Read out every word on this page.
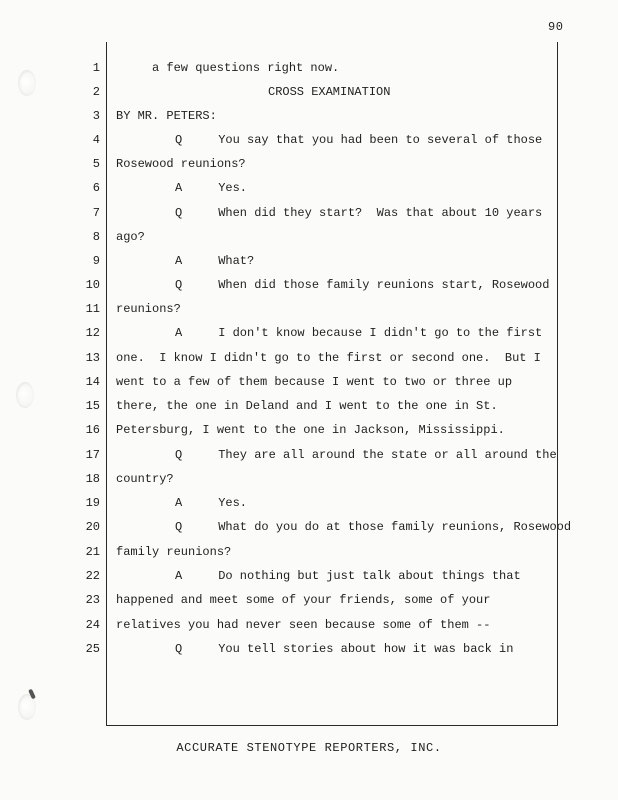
90
1
2
3
4
5
6
7
8
9
10
11
12
13
14
15
16
17
18
19
20
21
22
23
24
25
a few questions right now.
CROSS EXAMINATION
BY MR. PETERS:
Q     You say that you had been to several of those
Rosewood reunions?
A     Yes.
Q     When did they start?  Was that about 10 years
ago?
A     What?
Q     When did those family reunions start, Rosewood
reunions?
A     I don't know because I didn't go to the first
one.  I know I didn't go to the first or second one.  But I
went to a few of them because I went to two or three up
there, the one in Deland and I went to the one in St.
Petersburg, I went to the one in Jackson, Mississippi.
Q     They are all around the state or all around the
country?
A     Yes.
Q     What do you do at those family reunions, Rosewood
family reunions?
A     Do nothing but just talk about things that
happened and meet some of your friends, some of your
relatives you had never seen because some of them --
Q     You tell stories about how it was back in
ACCURATE STENOTYPE REPORTERS, INC.
